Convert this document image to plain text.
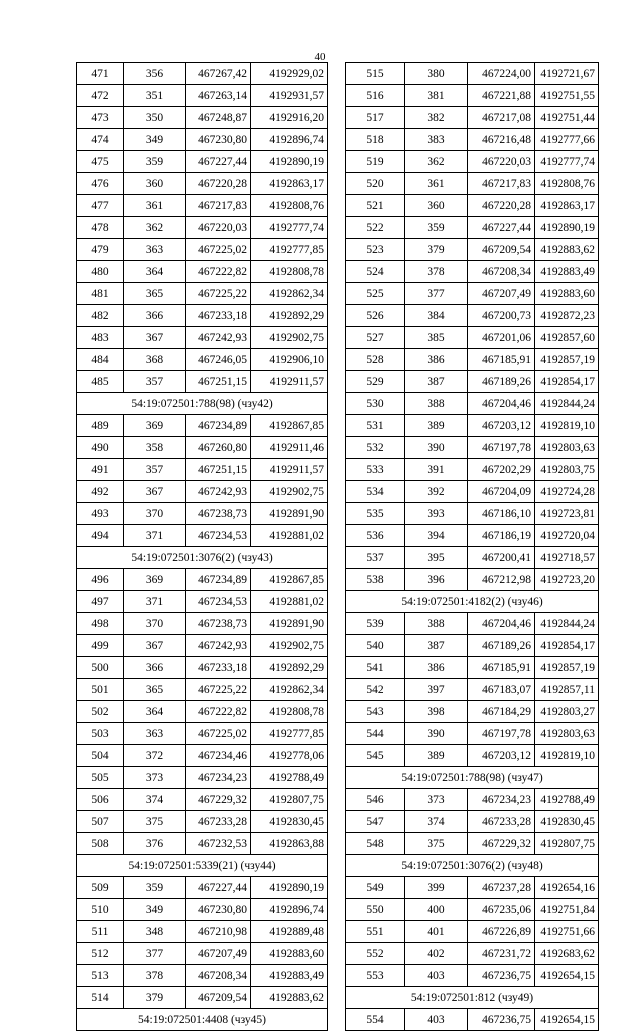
40
471	356	467267,42	4192929,02
472	351	467263,14	4192931,57
473	350	467248,87	4192916,20
474	349	467230,80	4192896,74
475	359	467227,44	4192890,19
476	360	467220,28	4192863,17
477	361	467217,83	4192808,76
478	362	467220,03	4192777,74
479	363	467225,02	4192777,85
480	364	467222,82	4192808,78
481	365	467225,22	4192862,34
482	366	467233,18	4192892,29
483	367	467242,93	4192902,75
484	368	467246,05	4192906,10
485	357	467251,15	4192911,57
54:19:072501:788(98) (чзу42)			
489	369	467234,89	4192867,85
490	358	467260,80	4192911,46
491	357	467251,15	4192911,57
492	367	467242,93	4192902,75
493	370	467238,73	4192891,90
494	371	467234,53	4192881,02
54:19:072501:3076(2) (чзу43)			
496	369	467234,89	4192867,85
497	371	467234,53	4192881,02
498	370	467238,73	4192891,90
499	367	467242,93	4192902,75
500	366	467233,18	4192892,29
501	365	467225,22	4192862,34
502	364	467222,82	4192808,78
503	363	467225,02	4192777,85
504	372	467234,46	4192778,06
505	373	467234,23	4192788,49
506	374	467229,32	4192807,75
507	375	467233,28	4192830,45
508	376	467232,53	4192863,88
54:19:072501:5339(21) (чзу44)			
509	359	467227,44	4192890,19
510	349	467230,80	4192896,74
511	348	467210,98	4192889,48
512	377	467207,49	4192883,60
513	378	467208,34	4192883,49
514	379	467209,54	4192883,62
54:19:072501:4408 (чзу45)			
515	380	467224,00	4192721,67
516	381	467221,88	4192751,55
517	382	467217,08	4192751,44
518	383	467216,48	4192777,66
519	362	467220,03	4192777,74
520	361	467217,83	4192808,76
521	360	467220,28	4192863,17
522	359	467227,44	4192890,19
523	379	467209,54	4192883,62
524	378	467208,34	4192883,49
525	377	467207,49	4192883,60
526	384	467200,73	4192872,23
527	385	467201,06	4192857,60
528	386	467185,91	4192857,19
529	387	467189,26	4192854,17
530	388	467204,46	4192844,24
531	389	467203,12	4192819,10
532	390	467197,78	4192803,63
533	391	467202,29	4192803,75
534	392	467204,09	4192724,28
535	393	467186,10	4192723,81
536	394	467186,19	4192720,04
537	395	467200,41	4192718,57
538	396	467212,98	4192723,20
54:19:072501:4182(2) (чзу46)			
539	388	467204,46	4192844,24
540	387	467189,26	4192854,17
541	386	467185,91	4192857,19
542	397	467183,07	4192857,11
543	398	467184,29	4192803,27
544	390	467197,78	4192803,63
545	389	467203,12	4192819,10
54:19:072501:788(98) (чзу47)			
546	373	467234,23	4192788,49
547	374	467233,28	4192830,45
548	375	467229,32	4192807,75
54:19:072501:3076(2) (чзу48)			
549	399	467237,28	4192654,16
550	400	467235,06	4192751,84
551	401	467226,89	4192751,66
552	402	467231,72	4192683,62
553	403	467236,75	4192654,15
54:19:072501:812 (чзу49)			
554	403	467236,75	4192654,15
